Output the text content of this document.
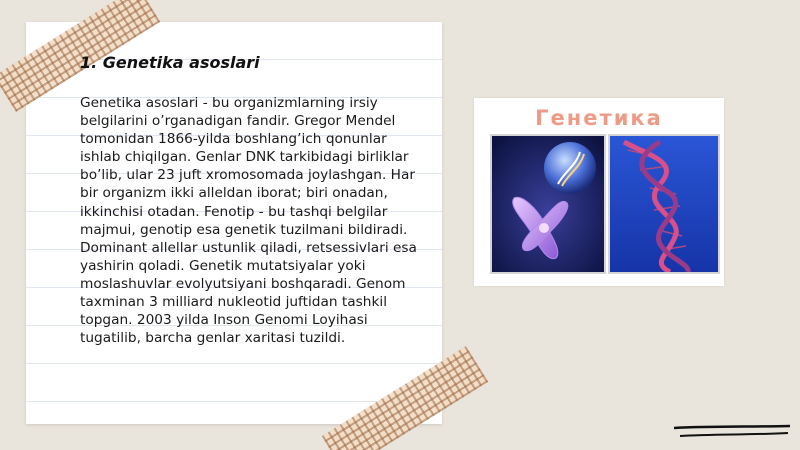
1. Genetika asoslari

Genetika asoslari - bu organizmlarning irsiy belgilarini o’rganadigan fandir. Gregor Mendel tomonidan 1866-yilda boshlang’ich qonunlar ishlab chiqilgan. Genlar DNK tarkibidagi birliklar bo’lib, ular 23 juft xromosomada joylashgan. Har bir organizm ikki alleldan iborat; biri onadan, ikkinchisi otadan. Fenotip - bu tashqi belgilar majmui, genotip esa genetik tuzilmani bildiradi. Dominant allellar ustunlik qiladi, retsessivlari esa yashirin qoladi. Genetik mutatsiyalar yoki moslashuvlar evolyutsiyani boshqaradi. Genom taxminan 3 milliard nukleotid juftidan tashkil topgan. 2003 yilda Inson Genomi Loyihasi tugatilib, barcha genlar xaritasi tuzildi.

Генетика
